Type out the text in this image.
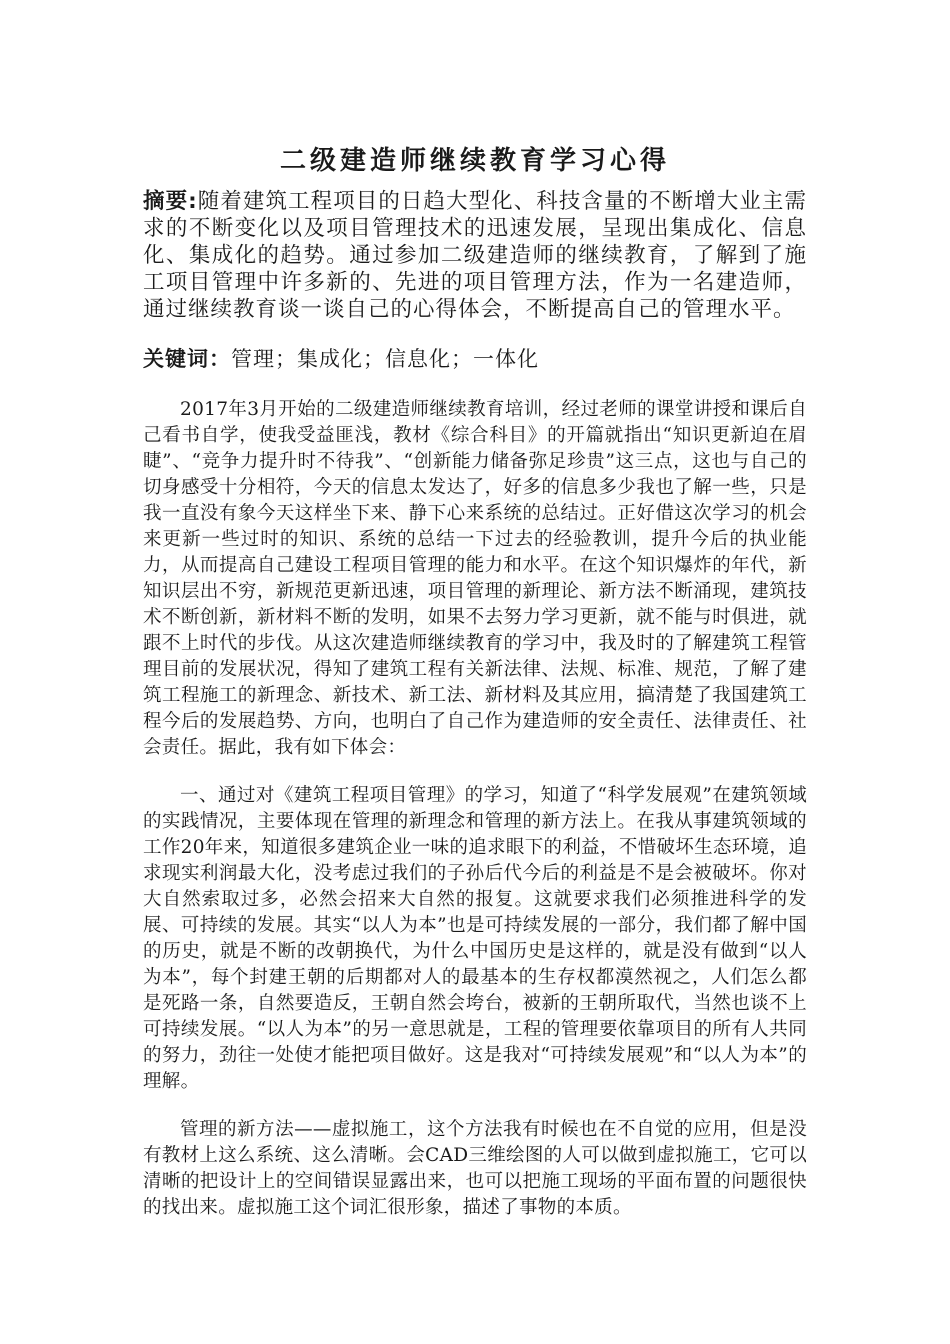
二级建造师继续教育学习心得
摘要:随着建筑工程项目的日趋大型化、科技含量的不断增大业主需求的不断变化以及项目管理技术的迅速发展，呈现出集成化、信息化、集成化的趋势。通过参加二级建造师的继续教育，了解到了施工项目管理中许多新的、先进的项目管理方法，作为一名建造师，通过继续教育谈一谈自己的心得体会，不断提高自己的管理水平。
关键词：管理；集成化；信息化；一体化

2017年3月开始的二级建造师继续教育培训，经过老师的课堂讲授和课后自己看书自学，使我受益匪浅，教材《综合科目》的开篇就指出“知识更新迫在眉睫”、“竞争力提升时不待我”、“创新能力储备弥足珍贵”这三点，这也与自己的切身感受十分相符，今天的信息太发达了，好多的信息多少我也了解一些，只是我一直没有象今天这样坐下来、静下心来系统的总结过。正好借这次学习的机会来更新一些过时的知识、系统的总结一下过去的经验教训，提升今后的执业能力，从而提高自己建设工程项目管理的能力和水平。在这个知识爆炸的年代，新知识层出不穷，新规范更新迅速，项目管理的新理论、新方法不断涌现，建筑技术不断创新，新材料不断的发明，如果不去努力学习更新，就不能与时俱进，就跟不上时代的步伐。从这次建造师继续教育的学习中，我及时的了解建筑工程管理目前的发展状况，得知了建筑工程有关新法律、法规、标准、规范，了解了建筑工程施工的新理念、新技术、新工法、新材料及其应用，搞清楚了我国建筑工程今后的发展趋势、方向，也明白了自己作为建造师的安全责任、法律责任、社会责任。据此，我有如下体会：

一、通过对《建筑工程项目管理》的学习，知道了“科学发展观”在建筑领域的实践情况，主要体现在管理的新理念和管理的新方法上。在我从事建筑领域的工作20年来，知道很多建筑企业一味的追求眼下的利益，不惜破坏生态环境，追求现实利润最大化，没考虑过我们的子孙后代今后的利益是不是会被破坏。你对大自然索取过多，必然会招来大自然的报复。这就要求我们必须推进科学的发展、可持续的发展。其实“以人为本”也是可持续发展的一部分，我们都了解中国的历史，就是不断的改朝换代，为什么中国历史是这样的，就是没有做到“以人为本”，每个封建王朝的后期都对人的最基本的生存权都漠然视之，人们怎么都是死路一条，自然要造反，王朝自然会垮台，被新的王朝所取代，当然也谈不上可持续发展。“以人为本”的另一意思就是，工程的管理要依靠项目的所有人共同的努力，劲往一处使才能把项目做好。这是我对“可持续发展观”和“以人为本”的理解。

管理的新方法——虚拟施工，这个方法我有时候也在不自觉的应用，但是没有教材上这么系统、这么清晰。会CAD三维绘图的人可以做到虚拟施工，它可以清晰的把设计上的空间错误显露出来，也可以把施工现场的平面布置的问题很快的找出来。虚拟施工这个词汇很形象，描述了事物的本质。
